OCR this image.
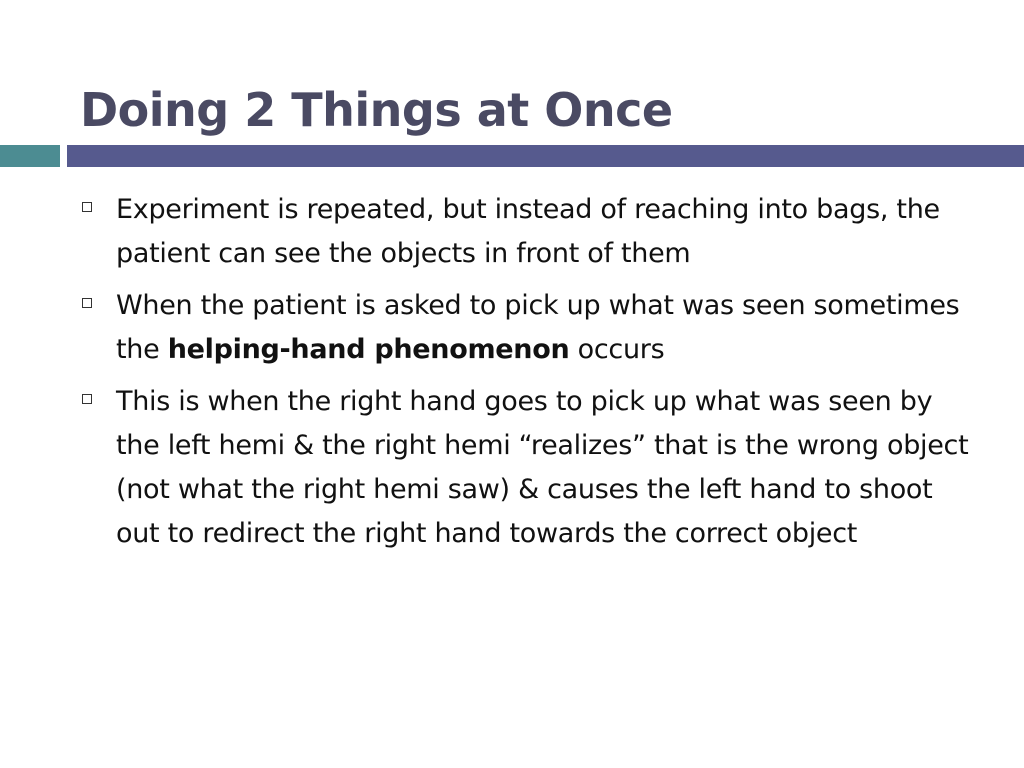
Doing 2 Things at Once
Experiment is repeated, but instead of reaching into bags, the patient can see the objects in front of them
When the patient is asked to pick up what was seen sometimes the helping-hand phenomenon occurs
This is when the right hand goes to pick up what was seen by the left hemi & the right hemi “realizes” that is the wrong object (not what the right hemi saw) & causes the left hand to shoot out to redirect the right hand towards the correct object
